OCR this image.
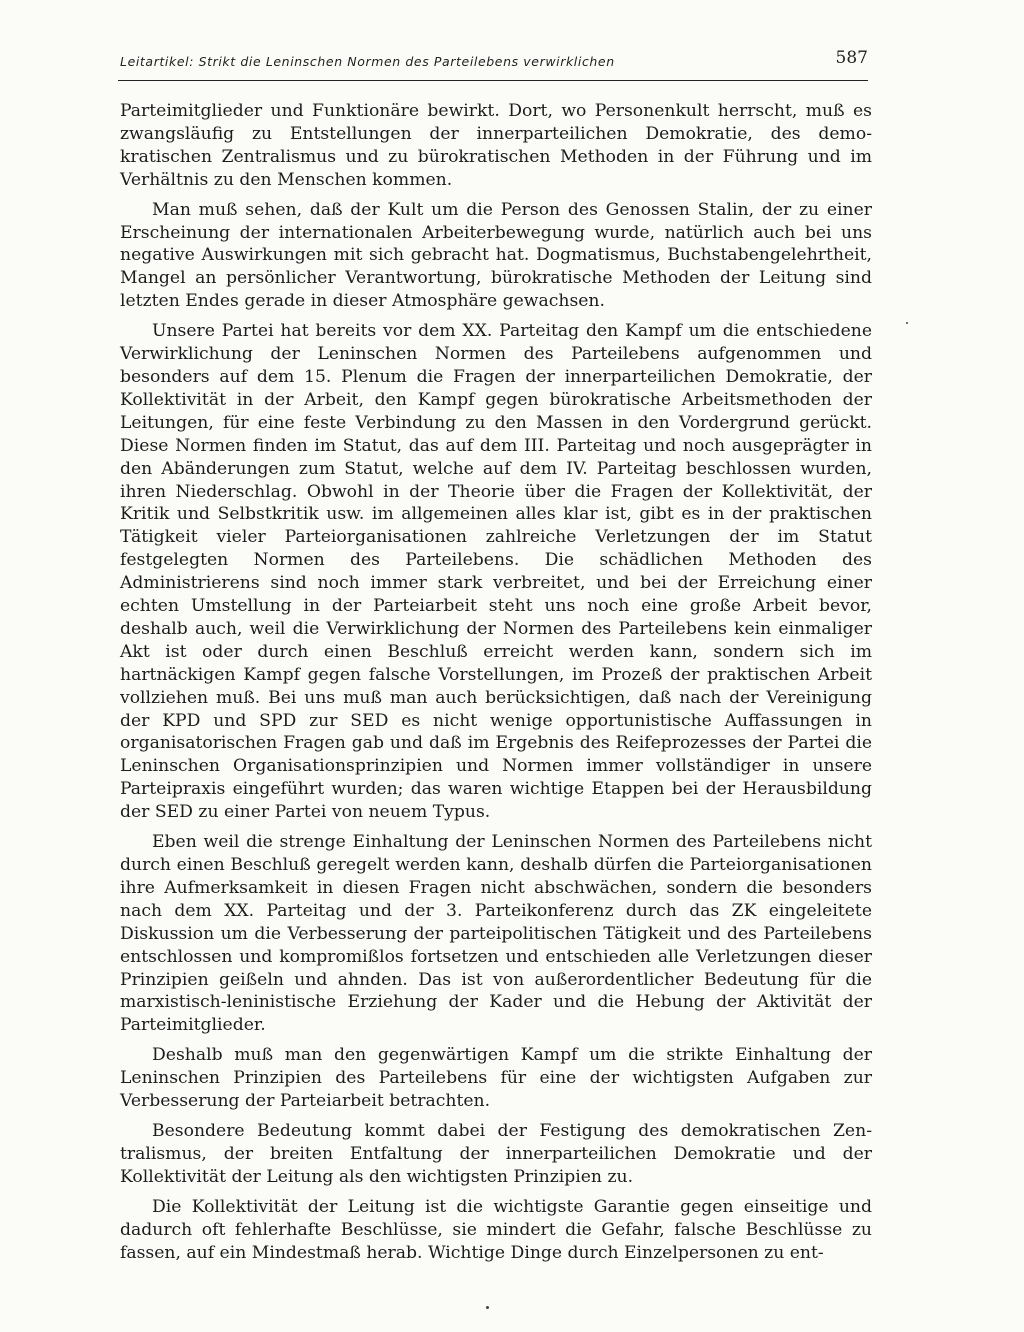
Leitartikel: Strikt die Leninschen Normen des Parteilebens verwirklichen	587

Parteimitglieder und Funktionäre bewirkt. Dort, wo Personenkult herrscht, muß es zwangsläufig zu Entstellungen der innerparteilichen Demokratie, des demokratischen Zentralismus und zu bürokratischen Methoden in der Führung und im Verhältnis zu den Menschen kommen.

Man muß sehen, daß der Kult um die Person des Genossen Stalin, der zu einer Erscheinung der internationalen Arbeiterbewegung wurde, natürlich auch bei uns negative Auswirkungen mit sich gebracht hat. Dogmatismus, Buchstabengelehrtheit, Mangel an persönlicher Verantwortung, bürokratische Methoden der Leitung sind letzten Endes gerade in dieser Atmosphäre gewachsen.

Unsere Partei hat bereits vor dem XX. Parteitag den Kampf um die entschiedene Verwirklichung der Leninschen Normen des Parteilebens aufgenommen und besonders auf dem 15. Plenum die Fragen der innerparteilichen Demokratie, der Kollektivität in der Arbeit, den Kampf gegen bürokratische Arbeitsmethoden der Leitungen, für eine feste Verbindung zu den Massen in den Vordergrund gerückt. Diese Normen finden im Statut, das auf dem III. Parteitag und noch ausgeprägter in den Abänderungen zum Statut, welche auf dem IV. Parteitag beschlossen wurden, ihren Niederschlag. Obwohl in der Theorie über die Fragen der Kollektivität, der Kritik und Selbstkritik usw. im allgemeinen alles klar ist, gibt es in der praktischen Tätigkeit vieler Parteiorganisationen zahlreiche Verletzungen der im Statut festgelegten Normen des Parteilebens. Die schädlichen Methoden des Administrierens sind noch immer stark verbreitet, und bei der Erreichung einer echten Umstellung in der Parteiarbeit steht uns noch eine große Arbeit bevor, deshalb auch, weil die Verwirklichung der Normen des Parteilebens kein einmaliger Akt ist oder durch einen Beschluß erreicht werden kann, sondern sich im hartnäckigen Kampf gegen falsche Vorstellungen, im Prozeß der praktischen Arbeit vollziehen muß. Bei uns muß man auch berücksichtigen, daß nach der Vereinigung der KPD und SPD zur SED es nicht wenige opportunistische Auffassungen in organisatorischen Fragen gab und daß im Ergebnis des Reifeprozesses der Partei die Leninschen Organisationsprinzipien und Normen immer vollständiger in unsere Parteipraxis eingeführt wurden; das waren wichtige Etappen bei der Herausbildung der SED zu einer Partei von neuem Typus.

Eben weil die strenge Einhaltung der Leninschen Normen des Parteilebens nicht durch einen Beschluß geregelt werden kann, deshalb dürfen die Parteiorganisationen ihre Aufmerksamkeit in diesen Fragen nicht abschwächen, sondern die besonders nach dem XX. Parteitag und der 3. Parteikonferenz durch das ZK eingeleitete Diskussion um die Verbesserung der parteipolitischen Tätigkeit und des Parteilebens entschlossen und kompromißlos fortsetzen und entschieden alle Verletzungen dieser Prinzipien geißeln und ahnden. Das ist von außerordentlicher Bedeutung für die marxistisch-leninistische Erziehung der Kader und die Hebung der Aktivität der Parteimitglieder.

Deshalb muß man den gegenwärtigen Kampf um die strikte Einhaltung der Leninschen Prinzipien des Parteilebens für eine der wichtigsten Aufgaben zur Verbesserung der Parteiarbeit betrachten.

Besondere Bedeutung kommt dabei der Festigung des demokratischen Zentralismus, der breiten Entfaltung der innerparteilichen Demokratie und der Kollektivität der Leitung als den wichtigsten Prinzipien zu.

Die Kollektivität der Leitung ist die wichtigste Garantie gegen einseitige und dadurch oft fehlerhafte Beschlüsse, sie mindert die Gefahr, falsche Beschlüsse zu fassen, auf ein Mindestmaß herab. Wichtige Dinge durch Einzelpersonen zu ent-
